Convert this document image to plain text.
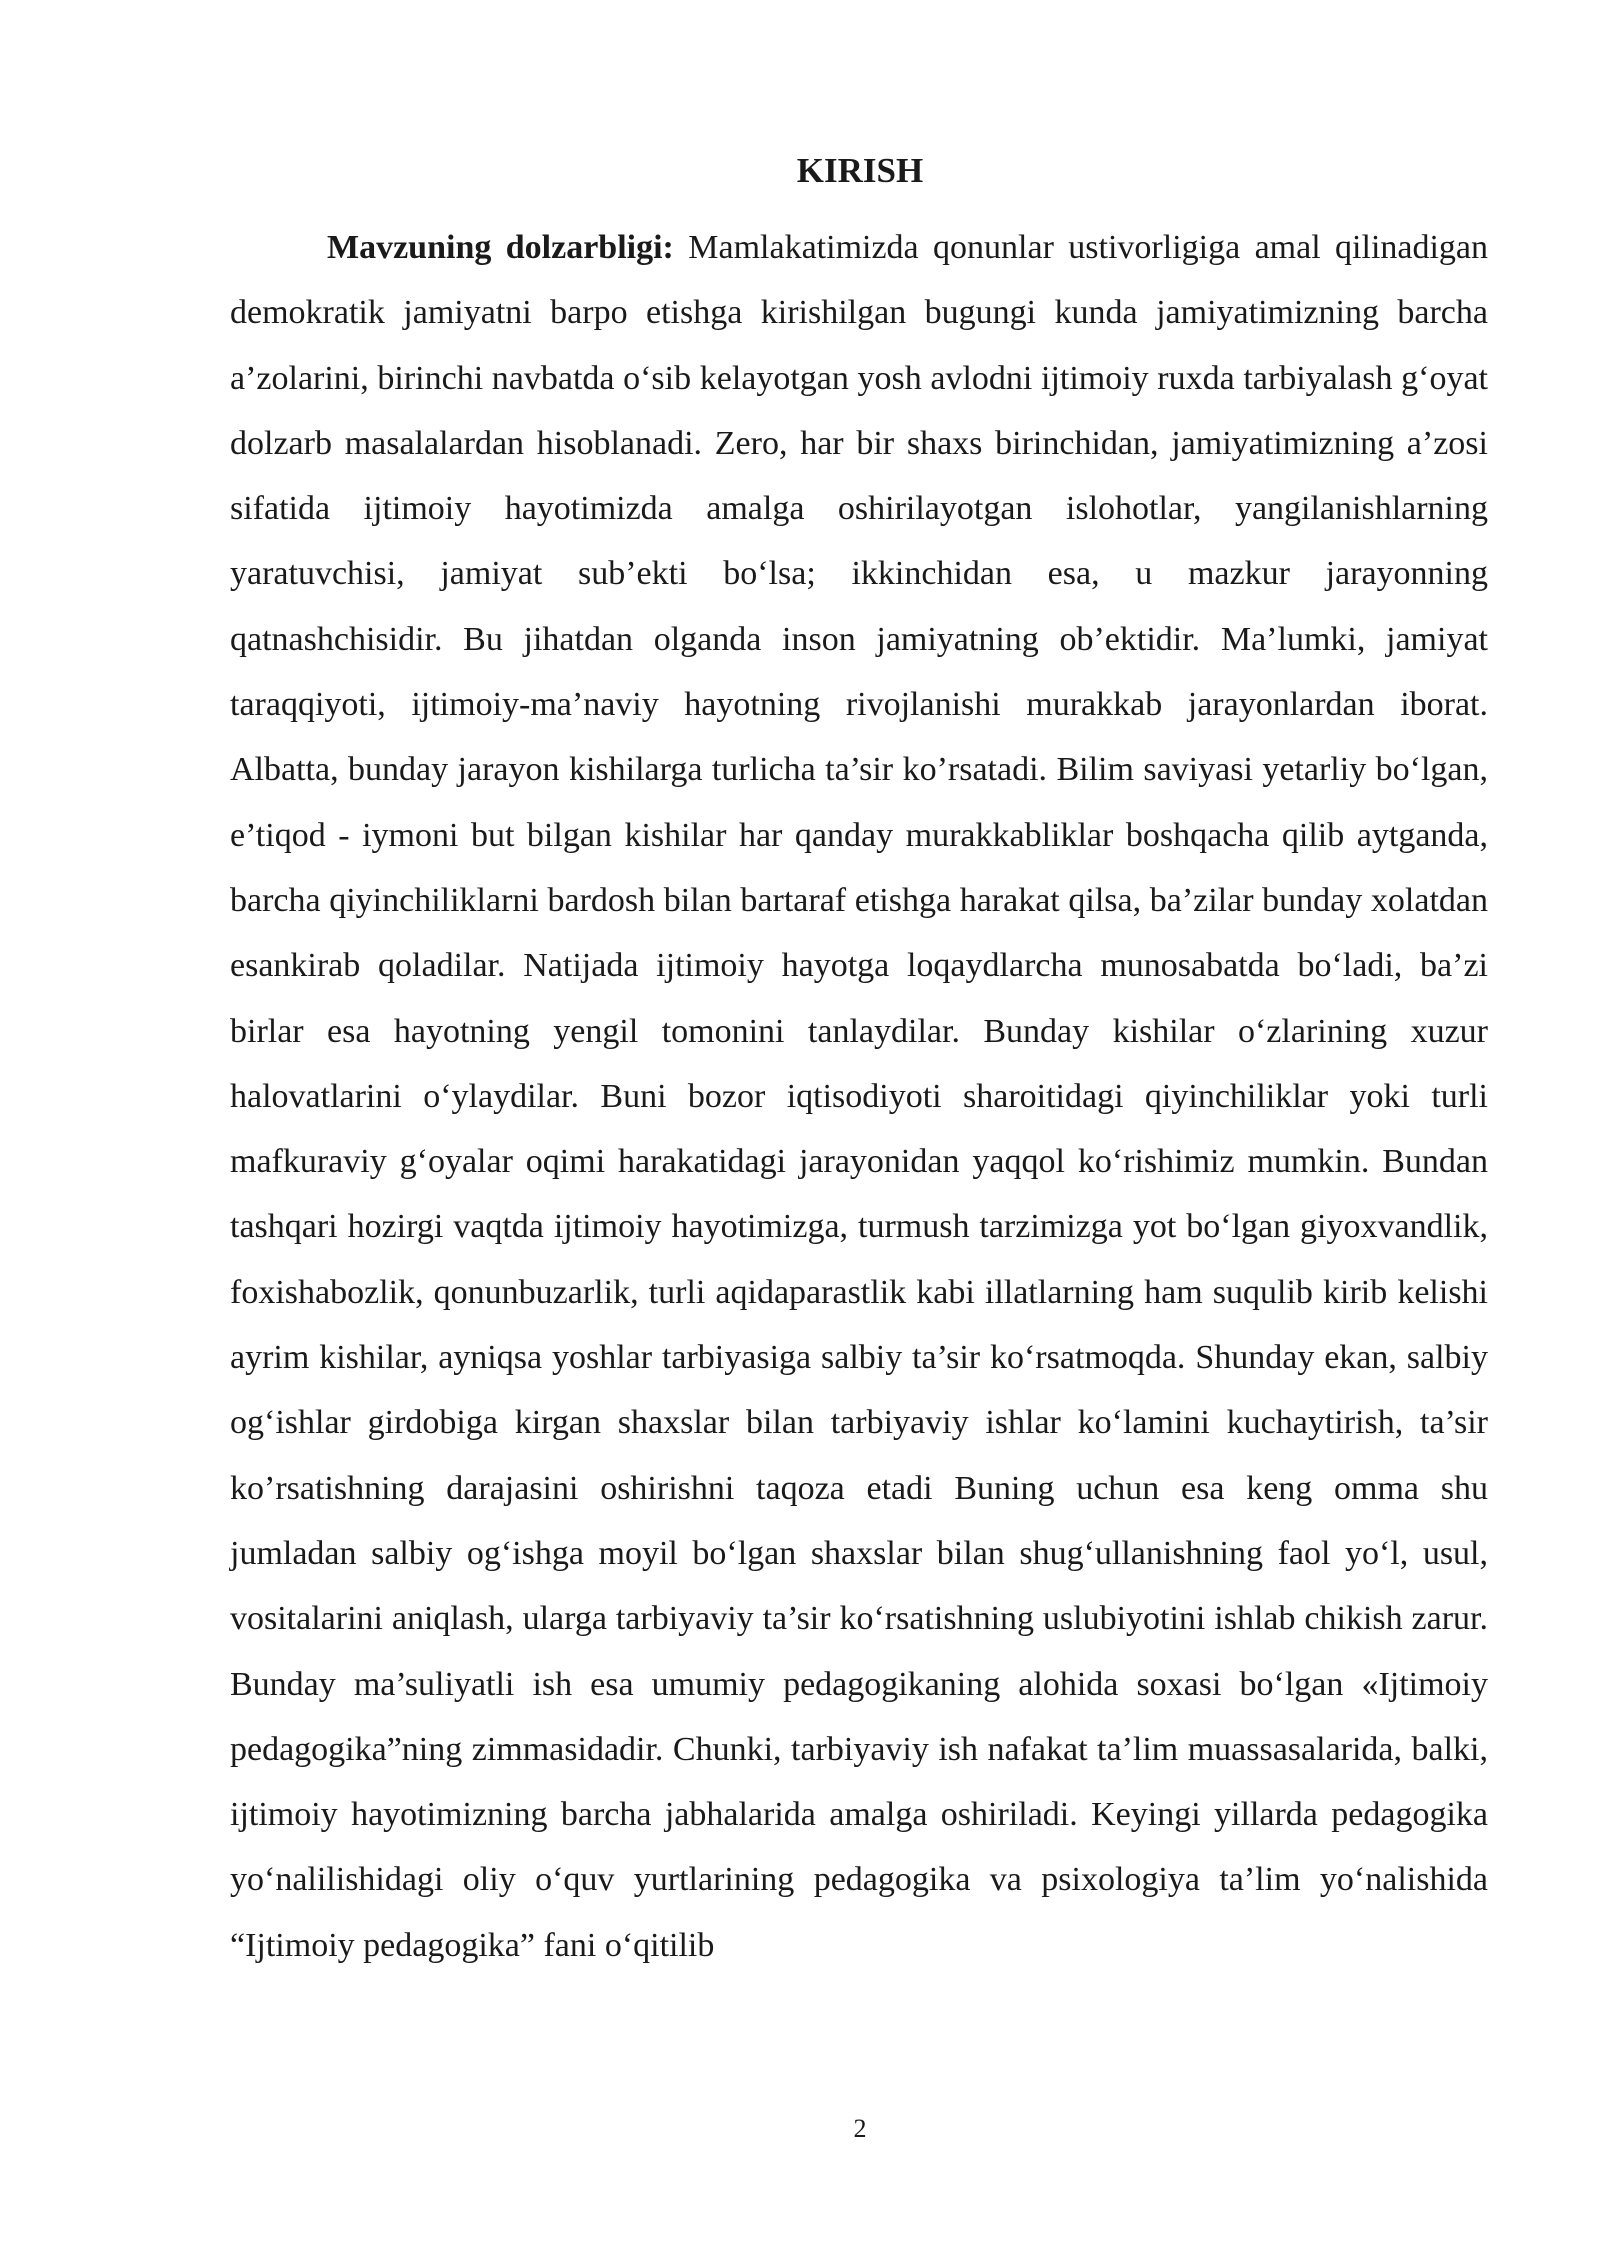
KIRISH

Mavzuning dolzarbligi: Mamlakatimizda qonunlar ustivorligiga amal qilinadigan demokratik jamiyatni barpo etishga kirishilgan bugungi kunda jamiyatimizning barcha a’zolarini, birinchi navbatda o‘sib kelayotgan yosh avlodni ijtimoiy ruxda tarbiyalash g‘oyat dolzarb masalalardan hisoblanadi. Zero, har bir shaxs birinchidan, jamiyatimizning a’zosi sifatida ijtimoiy hayotimizda amalga oshirilayotgan islohotlar, yangilanishlarning yaratuvchisi, jamiyat sub’ekti bo‘lsa; ikkinchidan esa, u mazkur jarayonning qatnashchisidir. Bu jihatdan olganda inson jamiyatning ob’ektidir. Ma’lumki, jamiyat taraqqiyoti, ijtimoiy-ma’naviy hayotning rivojlanishi murakkab jarayonlardan iborat. Albatta, bunday jarayon kishilarga turlicha ta’sir ko’rsatadi. Bilim saviyasi yetarliy bo‘lgan, e’tiqod - iymoni but bilgan kishilar har qanday murakkabliklar boshqacha qilib aytganda, barcha qiyinchiliklarni bardosh bilan bartaraf etishga harakat qilsa, ba’zilar bunday xolatdan esankirab qoladilar. Natijada ijtimoiy hayotga loqaydlarcha munosabatda bo‘ladi, ba’zi birlar esa hayotning yengil tomonini tanlaydilar. Bunday kishilar o‘zlarining xuzur halovatlarini o‘ylaydilar. Buni bozor iqtisodiyoti sharoitidagi qiyinchiliklar yoki turli mafkuraviy g‘oyalar oqimi harakatidagi jarayonidan yaqqol ko‘rishimiz mumkin. Bundan tashqari hozirgi vaqtda ijtimoiy hayotimizga, turmush tarzimizga yot bo‘lgan giyoxvandlik, foxishabozlik, qonunbuzarlik, turli aqidaparastlik kabi illatlarning ham suqulib kirib kelishi ayrim kishilar, ayniqsa yoshlar tarbiyasiga salbiy ta’sir ko‘rsatmoqda. Shunday ekan, salbiy og‘ishlar girdobiga kirgan shaxslar bilan tarbiyaviy ishlar ko‘lamini kuchaytirish, ta’sir ko’rsatishning darajasini oshirishni taqoza etadi Buning uchun esa keng omma shu jumladan salbiy og‘ishga moyil bo‘lgan shaxslar bilan shug‘ullanishning faol yo‘l, usul, vositalarini aniqlash, ularga tarbiyaviy ta’sir ko‘rsatishning uslubiyotini ishlab chikish zarur. Bunday ma’suliyatli ish esa umumiy pedagogikaning alohida soxasi bo‘lgan «Ijtimoiy pedagogika”ning zimmasidadir. Chunki, tarbiyaviy ish nafakat ta’lim muassasalarida, balki, ijtimoiy hayotimizning barcha jabhalarida amalga oshiriladi. Keyingi yillarda pedagogika yo‘nalilishidagi oliy o‘quv yurtlarining pedagogika va psixologiya ta’lim yo‘nalishida “Ijtimoiy pedagogika” fani o‘qitilib

2
